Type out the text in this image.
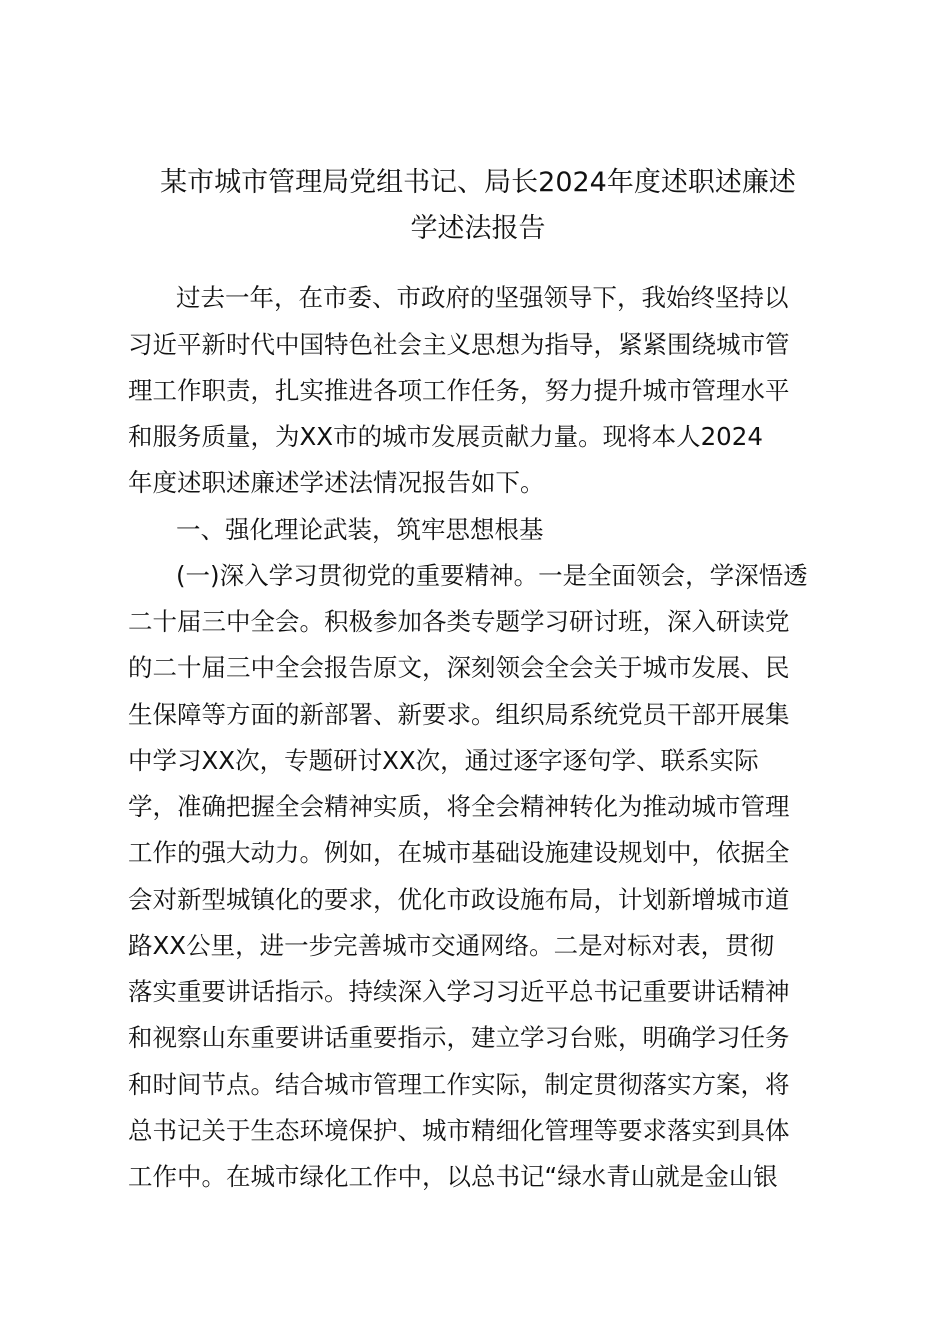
某市城市管理局党组书记、局长2024年度述职述廉述
学述法报告
过去一年，在市委、市政府的坚强领导下，我始终坚持以
习近平新时代中国特色社会主义思想为指导，紧紧围绕城市管
理工作职责，扎实推进各项工作任务，努力提升城市管理水平
和服务质量，为XX市的城市发展贡献力量。现将本人2024
年度述职述廉述学述法情况报告如下。
一、强化理论武装，筑牢思想根基
(一)深入学习贯彻党的重要精神。一是全面领会，学深悟透
二十届三中全会。积极参加各类专题学习研讨班，深入研读党
的二十届三中全会报告原文，深刻领会全会关于城市发展、民
生保障等方面的新部署、新要求。组织局系统党员干部开展集
中学习XX次，专题研讨XX次，通过逐字逐句学、联系实际
学，准确把握全会精神实质，将全会精神转化为推动城市管理
工作的强大动力。例如，在城市基础设施建设规划中，依据全
会对新型城镇化的要求，优化市政设施布局，计划新增城市道
路XX公里，进一步完善城市交通网络。二是对标对表，贯彻
落实重要讲话指示。持续深入学习习近平总书记重要讲话精神
和视察山东重要讲话重要指示，建立学习台账，明确学习任务
和时间节点。结合城市管理工作实际，制定贯彻落实方案，将
总书记关于生态环境保护、城市精细化管理等要求落实到具体
工作中。在城市绿化工作中，以总书记“绿水青山就是金山银
